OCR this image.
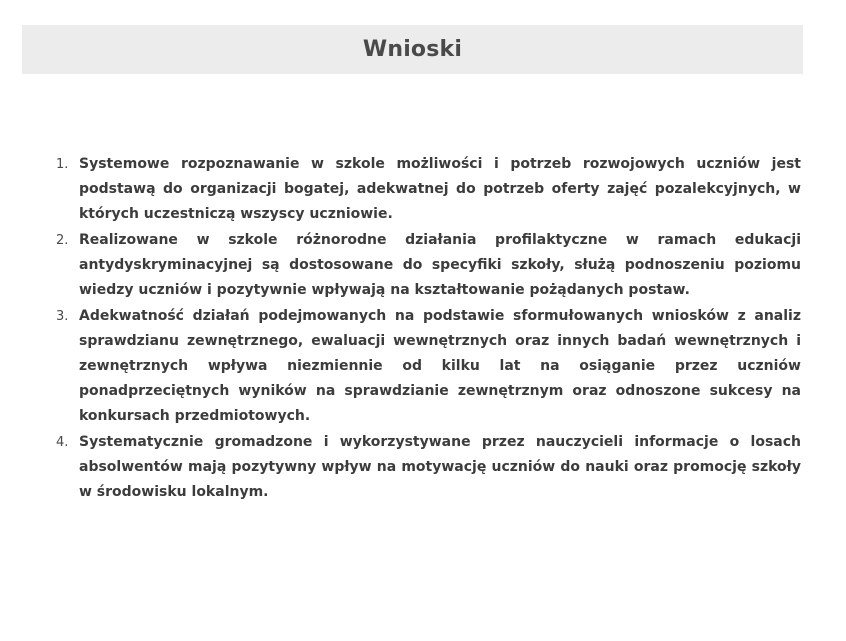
Wnioski
1. Systemowe rozpoznawanie w szkole możliwości i potrzeb rozwojowych uczniów jest podstawą do organizacji bogatej, adekwatnej do potrzeb oferty zajęć pozalekcyjnych, w których uczestniczą wszyscy uczniowie.
2. Realizowane w szkole różnorodne działania profilaktyczne w ramach edukacji antydyskryminacyjnej są dostosowane do specyfiki szkoły, służą podnoszeniu poziomu wiedzy uczniów i pozytywnie wpływają na kształtowanie pożądanych postaw.
3. Adekwatność działań podejmowanych na podstawie sformułowanych wniosków z analiz sprawdzianu zewnętrznego, ewaluacji wewnętrznych oraz innych badań wewnętrznych i zewnętrznych wpływa niezmiennie od kilku lat na osiąganie przez uczniów ponadprzeciętnych wyników na sprawdzianie zewnętrznym oraz odnoszone sukcesy na konkursach przedmiotowych.
4. Systematycznie gromadzone i wykorzystywane przez nauczycieli informacje o losach absolwentów mają pozytywny wpływ na motywację uczniów do nauki oraz promocję szkoły w środowisku lokalnym.
